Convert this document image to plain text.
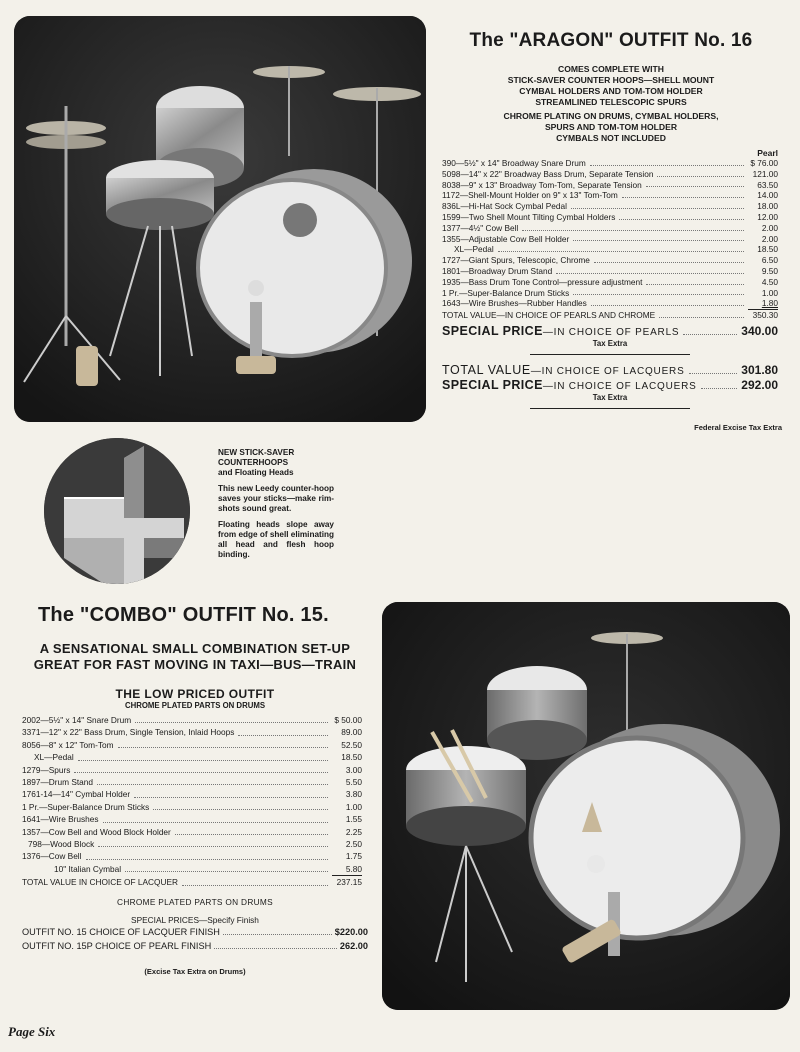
The "ARAGON" OUTFIT No. 16
COMES COMPLETE WITH
STICK-SAVER COUNTER HOOPS—SHELL MOUNT
CYMBAL HOLDERS AND TOM-TOM HOLDER
STREAMLINED TELESCOPIC SPURS
CHROME PLATING ON DRUMS, CYMBAL HOLDERS,
SPURS AND TOM-TOM HOLDER
CYMBALS NOT INCLUDED
Pearl
390—5½" x 14" Broadway Snare Drum	$ 76.00
5098—14" x 22" Broadway Bass Drum, Separate Tension	121.00
8038—9" x 13" Broadway Tom-Tom, Separate Tension	63.50
1172—Shell-Mount Holder on 9" x 13" Tom-Tom	14.00
836L—Hi-Hat Sock Cymbal Pedal	18.00
1599—Two Shell Mount Tilting Cymbal Holders	12.00
1377—4½" Cow Bell	2.00
1355—Adjustable Cow Bell Holder	2.00
XL—Pedal	18.50
1727—Giant Spurs, Telescopic, Chrome	6.50
1801—Broadway Drum Stand	9.50
1935—Bass Drum Tone Control—pressure adjustment	4.50
1 Pr.—Super-Balance Drum Sticks	1.00
1643—Wire Brushes—Rubber Handles	1.80
TOTAL VALUE—IN CHOICE OF PEARLS AND CHROME	350.30
SPECIAL PRICE —IN CHOICE OF PEARLS	340.00
Tax Extra
TOTAL VALUE —IN CHOICE OF LACQUERS	301.80
SPECIAL PRICE —IN CHOICE OF LACQUERS	292.00
Tax Extra
Federal Excise Tax Extra
NEW STICK-SAVER
COUNTERHOOPS
and Floating Heads

This new Leedy counter-hoop saves your sticks—make rim-shots sound great.

Floating heads slope away from edge of shell eliminating all head and flesh hoop binding.

The "COMBO" OUTFIT No. 15.
A SENSATIONAL SMALL COMBINATION SET-UP
GREAT FOR FAST MOVING IN TAXI—BUS—TRAIN
THE LOW PRICED OUTFIT
CHROME PLATED PARTS ON DRUMS
2002—5½" x 14" Snare Drum	$ 50.00
3371—12" x 22" Bass Drum, Single Tension, Inlaid Hoops	89.00
8056—8" x 12" Tom-Tom	52.50
XL—Pedal	18.50
1279—Spurs	3.00
1897—Drum Stand	5.50
1761-14—14" Cymbal Holder	3.80
1 Pr.—Super-Balance Drum Sticks	1.00
1641—Wire Brushes	1.55
1357—Cow Bell and Wood Block Holder	2.25
798—Wood Block	2.50
1376—Cow Bell	1.75
10" Italian Cymbal	5.80
TOTAL VALUE IN CHOICE OF LACQUER	237.15
CHROME PLATED PARTS ON DRUMS
SPECIAL PRICES—Specify Finish
OUTFIT NO. 15 CHOICE OF LACQUER FINISH	$220.00
OUTFIT NO. 15P CHOICE OF PEARL FINISH	262.00
(Excise Tax Extra on Drums)
Page Six
